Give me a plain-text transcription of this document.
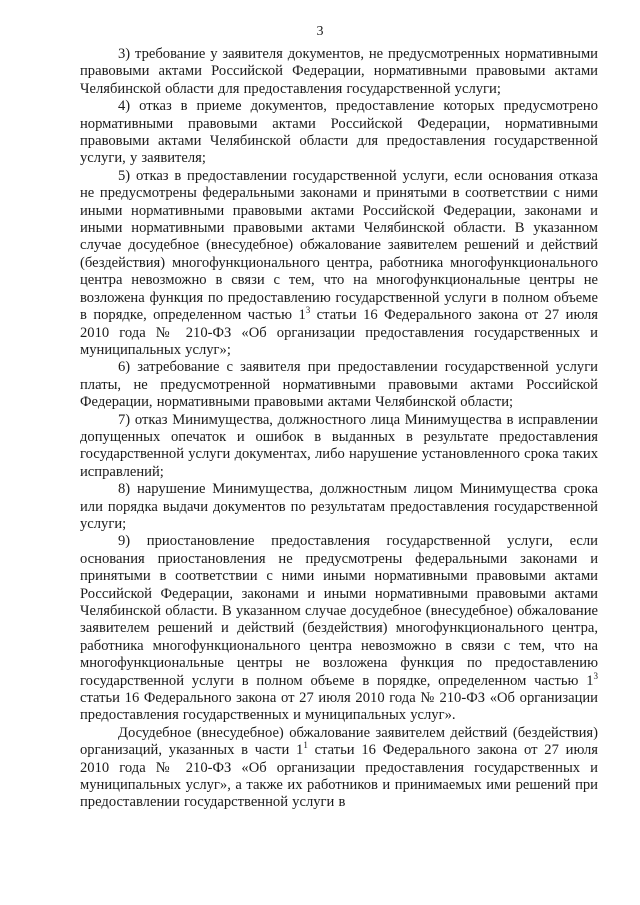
3

3) требование у заявителя документов, не предусмотренных нормативными правовыми актами Российской Федерации, нормативными правовыми актами Челябинской области для предоставления государственной услуги;

4) отказ в приеме документов, предоставление которых предусмотрено нормативными правовыми актами Российской Федерации, нормативными правовыми актами Челябинской области для предоставления государственной услуги, у заявителя;

5) отказ в предоставлении государственной услуги, если основания отказа не предусмотрены федеральными законами и принятыми в соответствии с ними иными нормативными правовыми актами Российской Федерации, законами и иными нормативными правовыми актами Челябинской области. В указанном случае досудебное (внесудебное) обжалование заявителем решений и действий (бездействия) многофункционального центра, работника многофункционального центра невозможно в связи с тем, что на многофункциональные центры не возложена функция по предоставлению государственной услуги в полном объеме в порядке, определенном частью $1^3$ статьи 16 Федерального закона от 27 июля 2010 года № 210-ФЗ «Об организации предоставления государственных и муниципальных услуг»;

6) затребование с заявителя при предоставлении государственной услуги платы, не предусмотренной нормативными правовыми актами Российской Федерации, нормативными правовыми актами Челябинской области;

7) отказ Минимущества, должностного лица Минимущества в исправлении допущенных опечаток и ошибок в выданных в результате предоставления государственной услуги документах, либо нарушение установленного срока таких исправлений;

8) нарушение Минимущества, должностным лицом Минимущества срока или порядка выдачи документов по результатам предоставления государственной услуги;

9) приостановление предоставления государственной услуги, если основания приостановления не предусмотрены федеральными законами и принятыми в соответствии с ними иными нормативными правовыми актами Российской Федерации, законами и иными нормативными правовыми актами Челябинской области. В указанном случае досудебное (внесудебное) обжалование заявителем решений и действий (бездействия) многофункционального центра, работника многофункционального центра невозможно в связи с тем, что на многофункциональные центры не возложена функция по предоставлению государственной услуги в полном объеме в порядке, определенном частью $1^3$ статьи 16 Федерального закона от 27 июля 2010 года № 210-ФЗ «Об организации предоставления государственных и муниципальных услуг».

Досудебное (внесудебное) обжалование заявителем действий (бездействия) организаций, указанных в части $1^1$ статьи 16 Федерального закона от 27 июля 2010 года № 210-ФЗ «Об организации предоставления государственных и муниципальных услуг», а также их работников и принимаемых ими решений при предоставлении государственной услуги в
